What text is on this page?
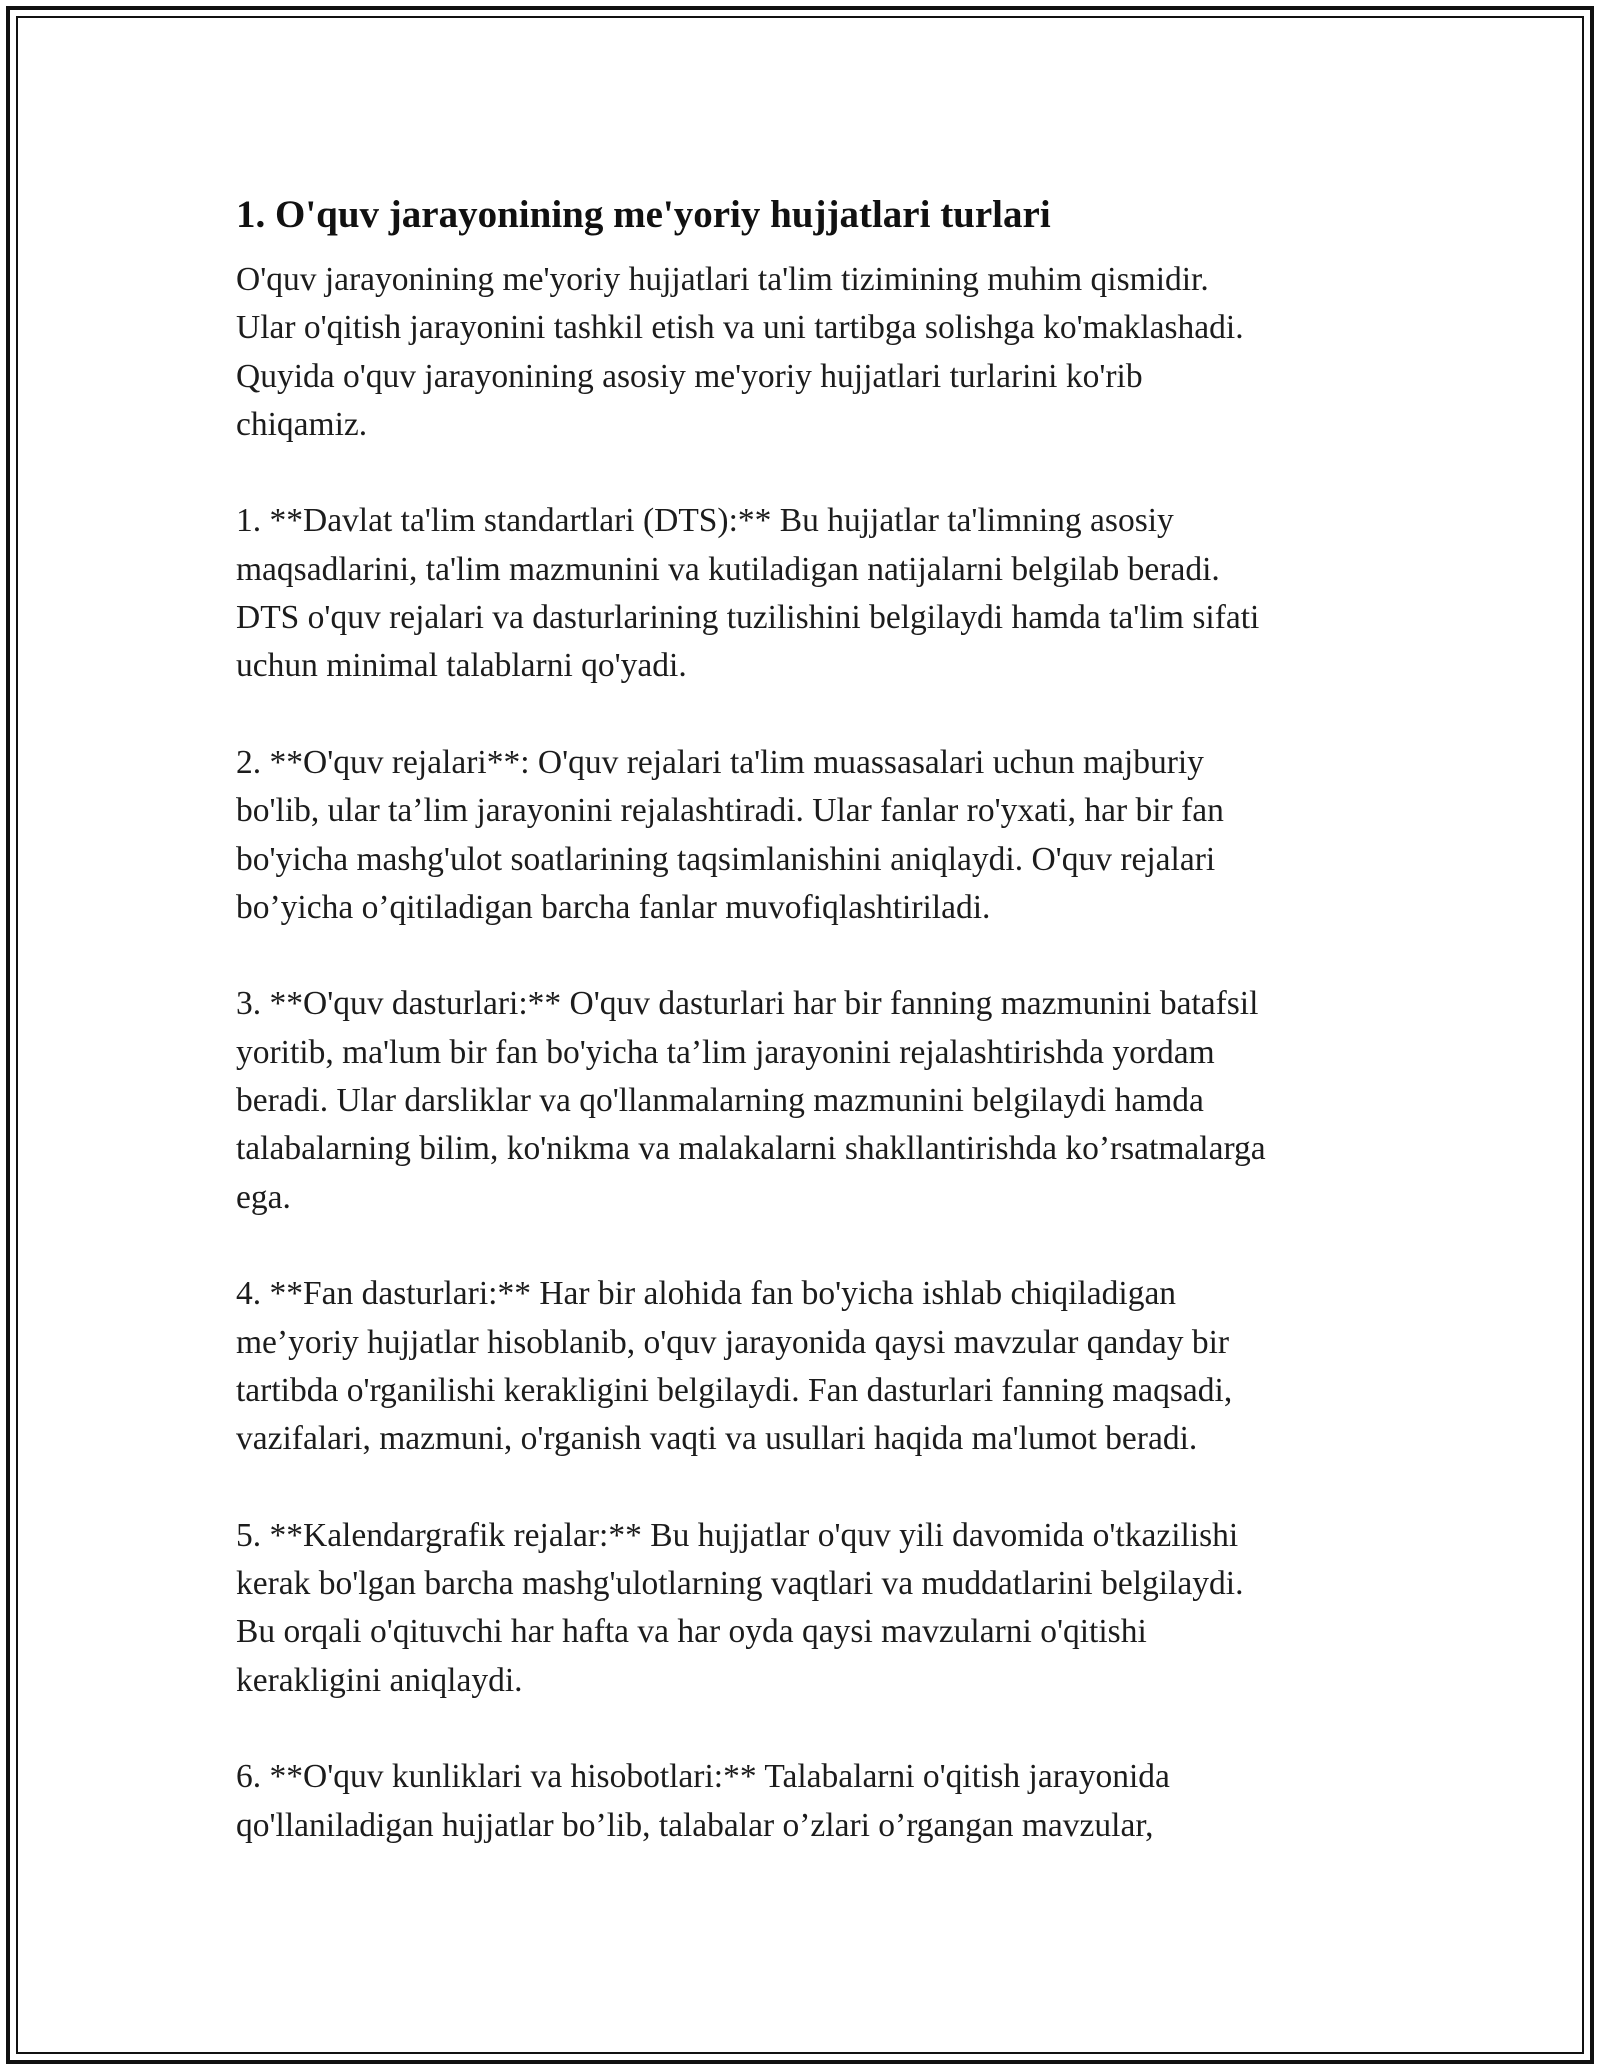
1. O'quv jarayonining me'yoriy hujjatlari turlari

O'quv jarayonining me'yoriy hujjatlari ta'lim tizimining muhim qismidir.
Ular o'qitish jarayonini tashkil etish va uni tartibga solishga ko'maklashadi.
Quyida o'quv jarayonining asosiy me'yoriy hujjatlari turlarini ko'rib
chiqamiz.

1. **Davlat ta'lim standartlari (DTS):** Bu hujjatlar ta'limning asosiy
maqsadlarini, ta'lim mazmunini va kutiladigan natijalarni belgilab beradi.
DTS o'quv rejalari va dasturlarining tuzilishini belgilaydi hamda ta'lim sifati
uchun minimal talablarni qo'yadi.

2. **O'quv rejalari**: O'quv rejalari ta'lim muassasalari uchun majburiy
bo'lib, ular ta’lim jarayonini rejalashtiradi. Ular fanlar ro'yxati, har bir fan
bo'yicha mashg'ulot soatlarining taqsimlanishini aniqlaydi. O'quv rejalari
bo’yicha o’qitiladigan barcha fanlar muvofiqlashtiriladi.

3. **O'quv dasturlari:** O'quv dasturlari har bir fanning mazmunini batafsil
yoritib, ma'lum bir fan bo'yicha ta’lim jarayonini rejalashtirishda yordam
beradi. Ular darsliklar va qo'llanmalarning mazmunini belgilaydi hamda
talabalarning bilim, ko'nikma va malakalarni shakllantirishda ko’rsatmalarga
ega.

4. **Fan dasturlari:** Har bir alohida fan bo'yicha ishlab chiqiladigan
me’yoriy hujjatlar hisoblanib, o'quv jarayonida qaysi mavzular qanday bir
tartibda o'rganilishi kerakligini belgilaydi. Fan dasturlari fanning maqsadi,
vazifalari, mazmuni, o'rganish vaqti va usullari haqida ma'lumot beradi.

5. **Kalendargrafik rejalar:** Bu hujjatlar o'quv yili davomida o'tkazilishi
kerak bo'lgan barcha mashg'ulotlarning vaqtlari va muddatlarini belgilaydi.
Bu orqali o'qituvchi har hafta va har oyda qaysi mavzularni o'qitishi
kerakligini aniqlaydi.

6. **O'quv kunliklari va hisobotlari:** Talabalarni o'qitish jarayonida
qo'llaniladigan hujjatlar bo’lib, talabalar o’zlari o’rgangan mavzular,
